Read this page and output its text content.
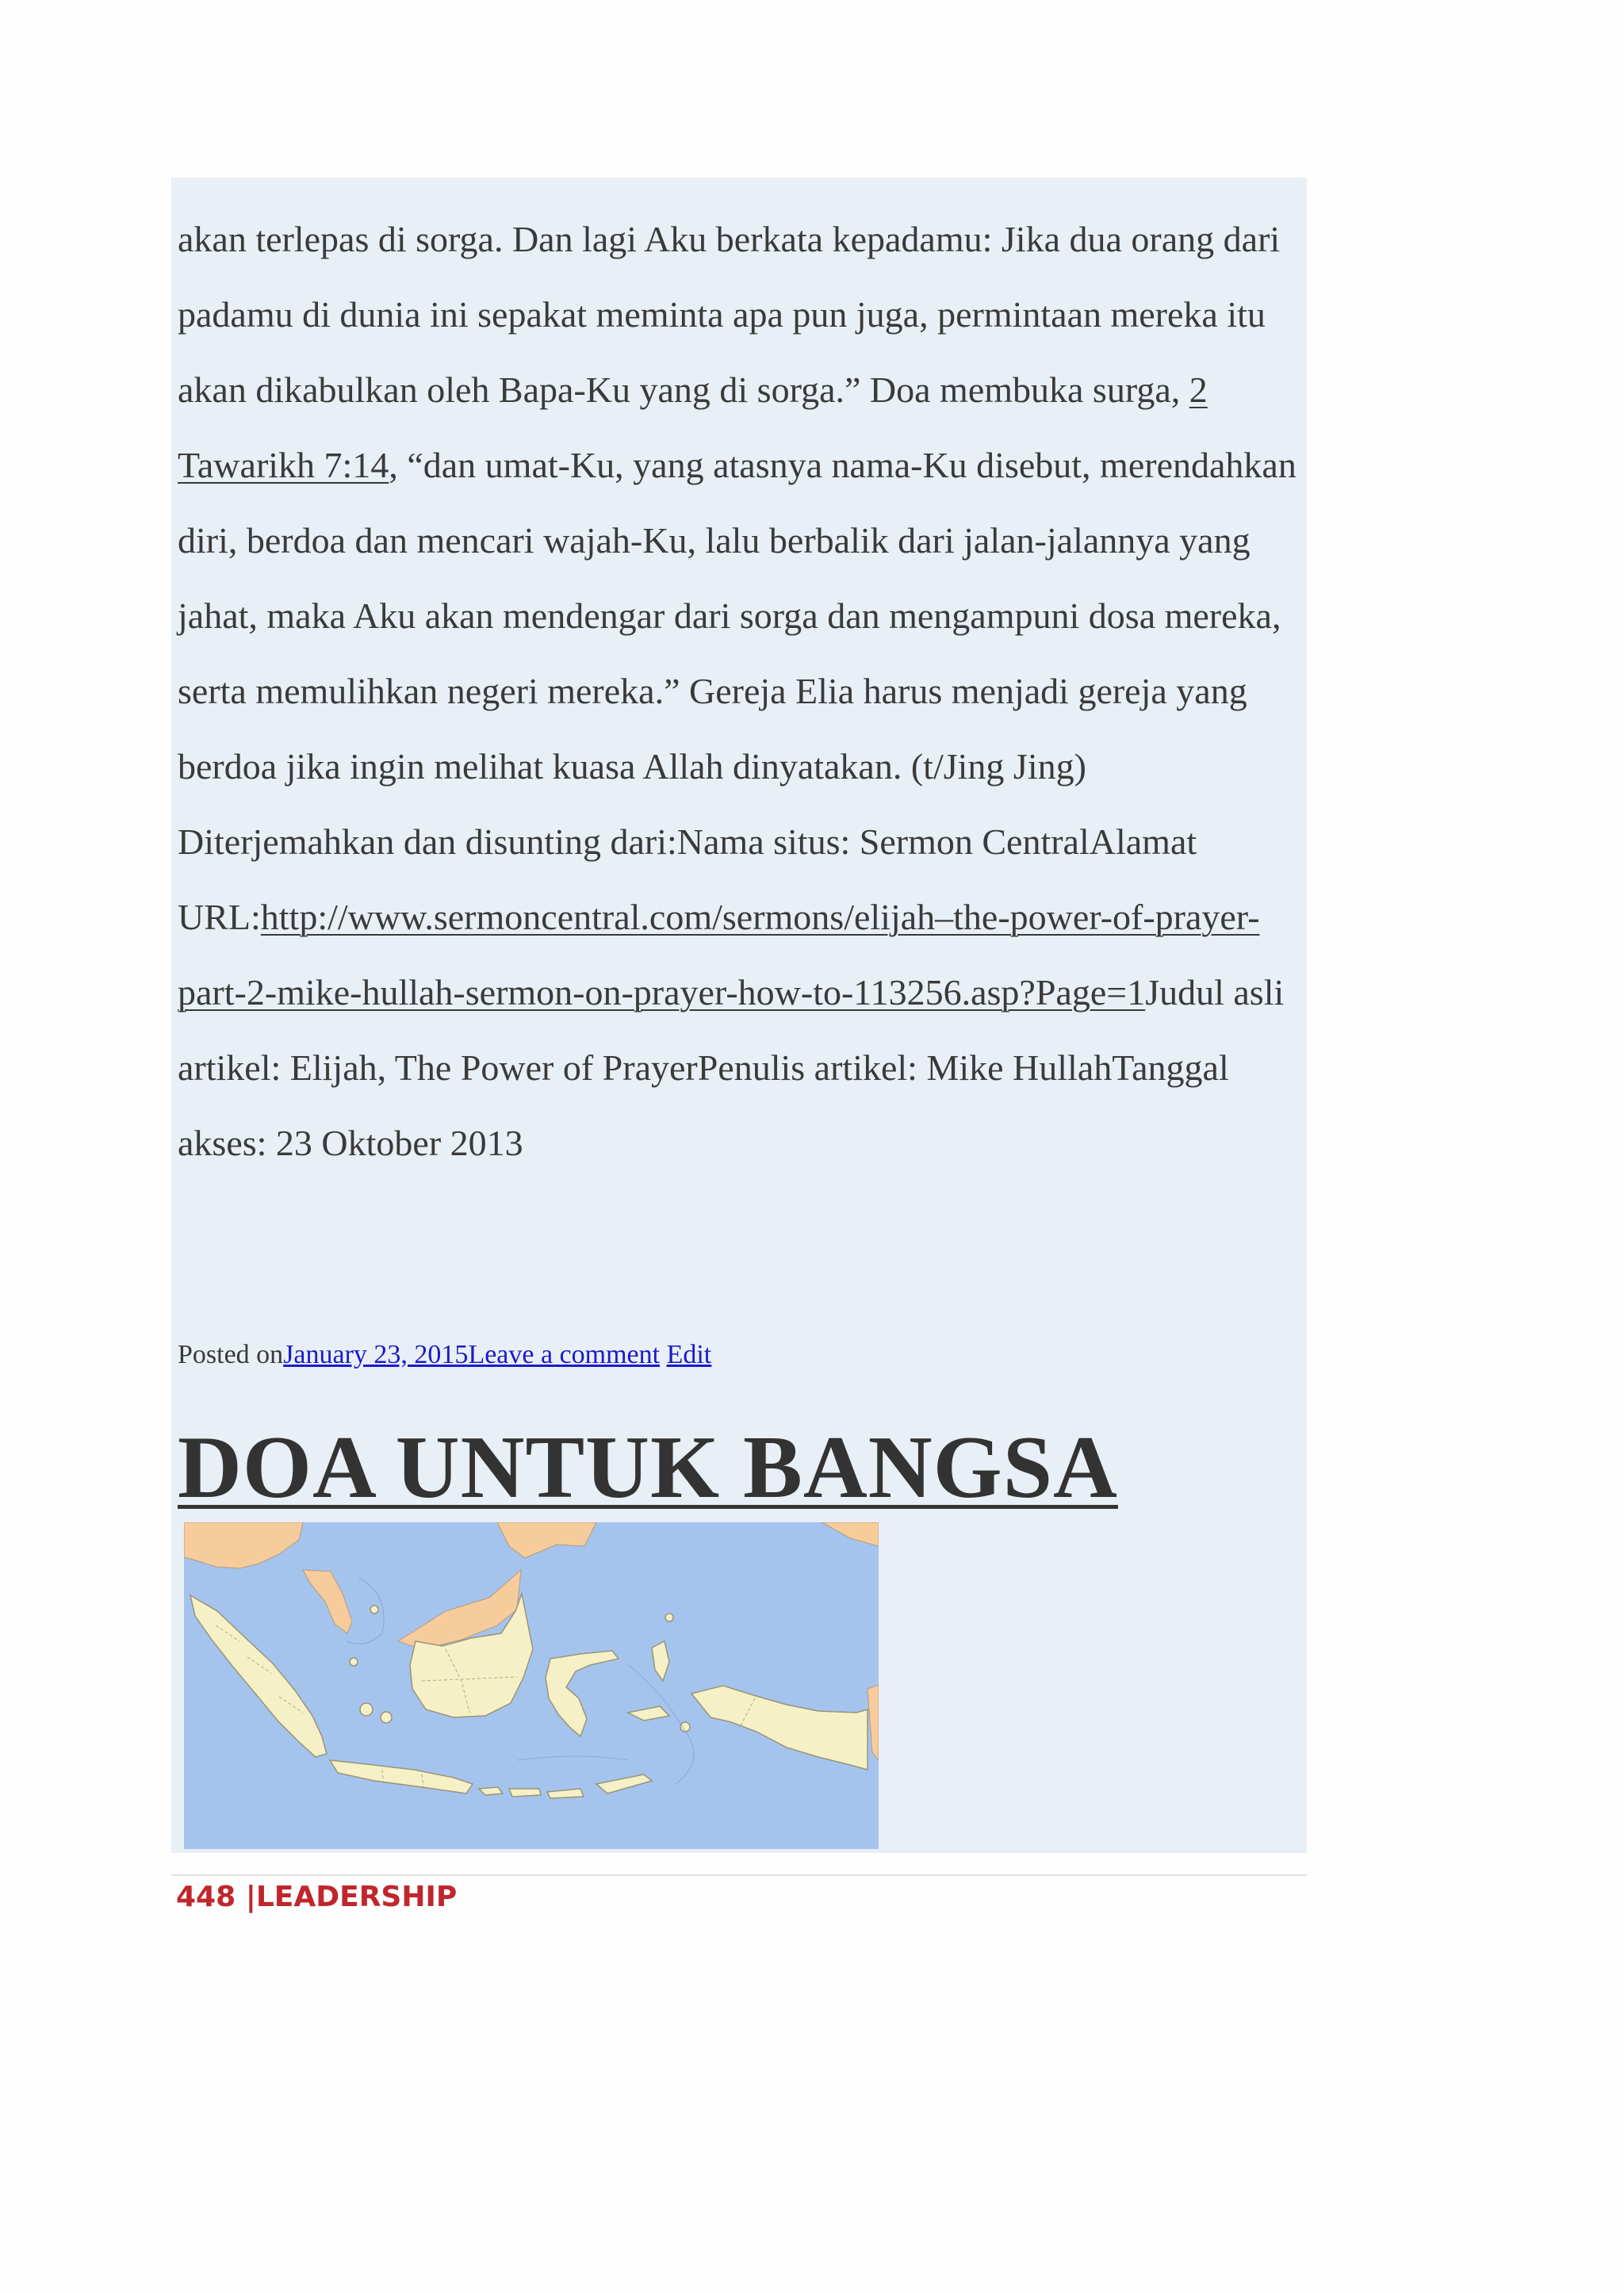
akan terlepas di sorga. Dan lagi Aku berkata kepadamu: Jika dua orang dari padamu di dunia ini sepakat meminta apa pun juga, permintaan mereka itu akan dikabulkan oleh Bapa-Ku yang di sorga.” Doa membuka surga, 2 Tawarikh 7:14, “dan umat-Ku, yang atasnya nama-Ku disebut, merendahkan diri, berdoa dan mencari wajah-Ku, lalu berbalik dari jalan-jalannya yang jahat, maka Aku akan mendengar dari sorga dan mengampuni dosa mereka, serta memulihkan negeri mereka.” Gereja Elia harus menjadi gereja yang berdoa jika ingin melihat kuasa Allah dinyatakan. (t/Jing Jing) Diterjemahkan dan disunting dari:Nama situs: Sermon CentralAlamat URL:http://www.sermoncentral.com/sermons/elijah–the-power-of-prayer-part-2-mike-hullah-sermon-on-prayer-how-to-113256.asp?Page=1Judul asli artikel: Elijah, The Power of PrayerPenulis artikel: Mike HullahTanggal akses: 23 Oktober 2013

Posted onJanuary 23, 2015Leave a comment Edit
DOA UNTUK BANGSA
448 |LEADERSHIP
